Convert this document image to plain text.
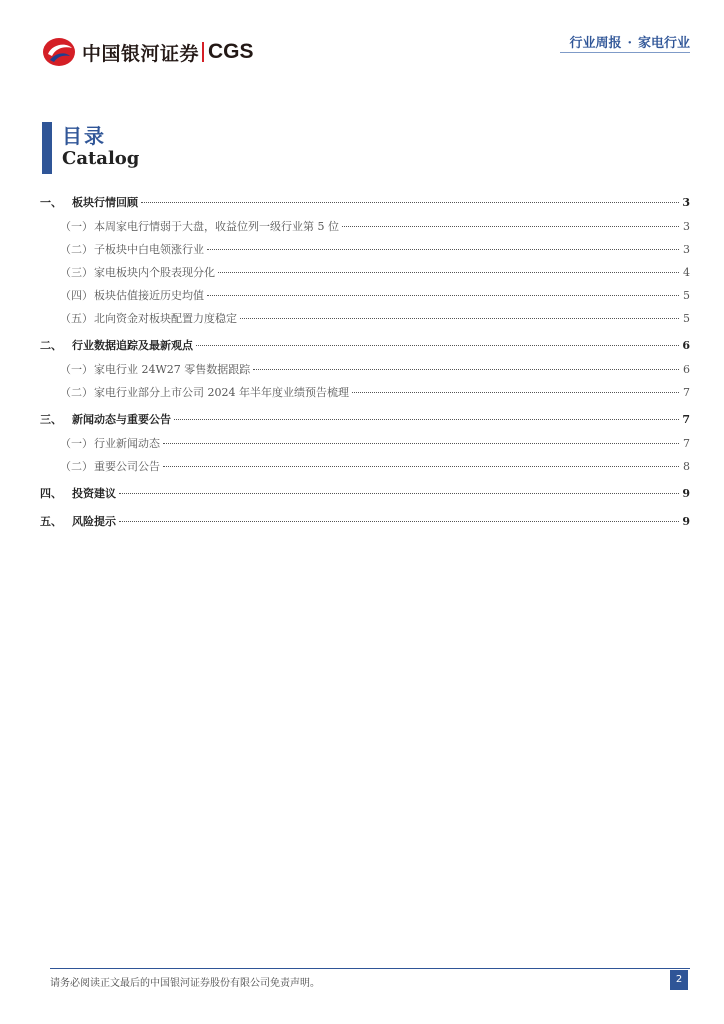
中国银河证券 CGS	行业周报 · 家电行业
目录
Catalog
一、 板块行情回顾	3
（一） 本周家电行情弱于大盘，收益位列一级行业第 5 位	3
（二） 子板块中白电领涨行业	3
（三） 家电板块内个股表现分化	4
（四） 板块估值接近历史均值	5
（五） 北向资金对板块配置力度稳定	5
二、 行业数据追踪及最新观点	6
（一） 家电行业 24W27 零售数据跟踪	6
（二） 家电行业部分上市公司 2024 年半年度业绩预告梳理	7
三、 新闻动态与重要公告	7
（一） 行业新闻动态	7
（二） 重要公司公告	8
四、 投资建议	9
五、 风险提示	9
请务必阅读正文最后的中国银河证券股份有限公司免责声明。	2
